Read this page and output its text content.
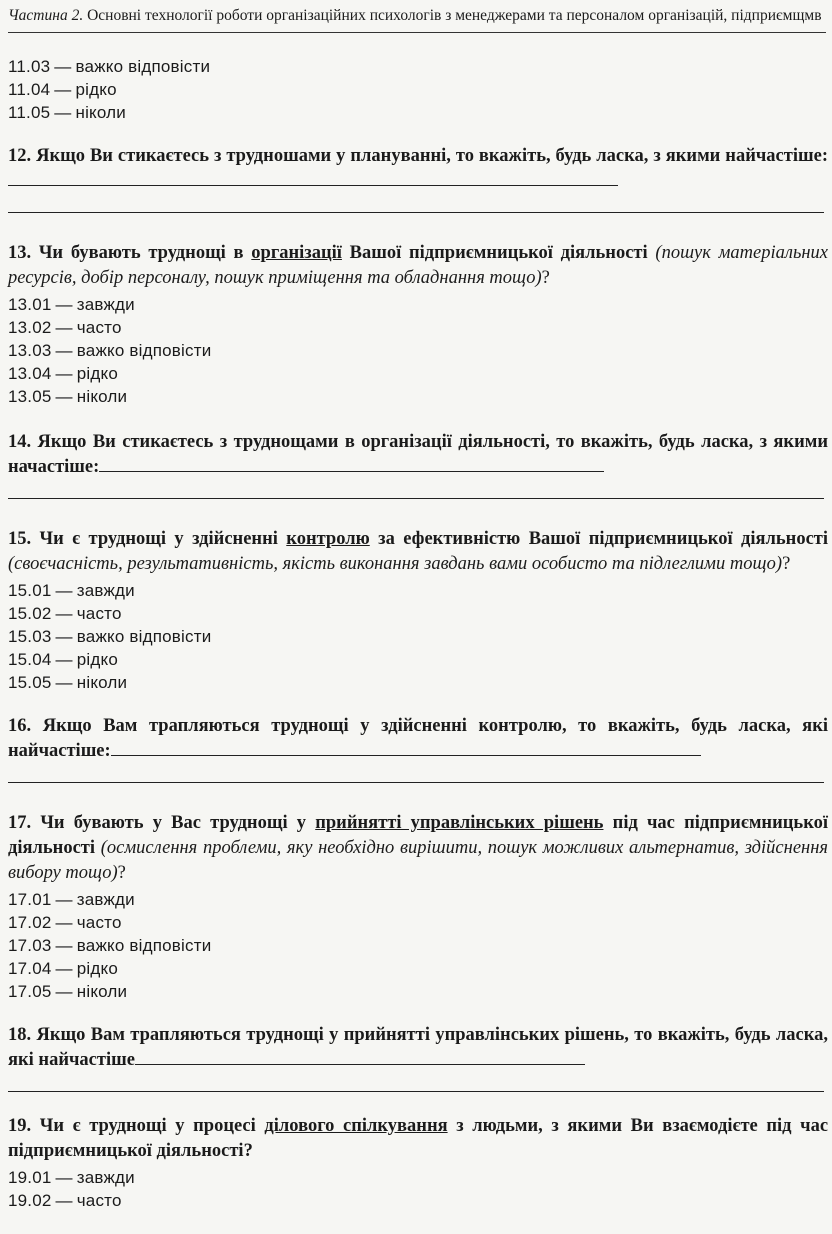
Частина 2. Основні технології роботи організаційних психологів з менеджерами та персоналом організацій, підприємщмв
11.03 — важко відповісти
11.04 — рідко
11.05 — ніколи
12. Якщо Ви стикаєтесь з трудношами у плануванні, то вкажіть, будь ласка, з якими найчастіше:
13. Чи бувають труднощі в організації Вашої підприємницької діяльності (пошук матеріальних ресурсів, добір персоналу, пошук приміщення та обладнання тощо)?
13.01 — завжди
13.02 — часто
13.03 — важко відповісти
13.04 — рідко
13.05 — ніколи
14. Якщо Ви стикаєтесь з труднощами в організації діяльності, то вкажіть, будь ласка, з якими начастіше:
15. Чи є труднощі у здійсненні контролю за ефективністю Вашої підприємницької діяльності (своєчасність, результативність, якість виконання завдань вами особисто та підлеглими тощо)?
15.01 — завжди
15.02 — часто
15.03 — важко відповісти
15.04 — рідко
15.05 — ніколи
16. Якщо Вам трапляються труднощі у здійсненні контролю, то вкажіть, будь ласка, які найчастіше:
17. Чи бувають у Вас труднощі у прийнятті управлінських рішень під час підприємницької діяльності (осмислення проблеми, яку необхідно вирішити, пошук можливих альтернатив, здійснення вибору тощо)?
17.01 — завжди
17.02 — часто
17.03 — важко відповісти
17.04 — рідко
17.05 — ніколи
18. Якщо Вам трапляються труднощі у прийнятті управлінських рішень, то вкажіть, будь ласка, які найчастіше
19. Чи є труднощі у процесі ділового спілкування з людьми, з якими Ви взаємодієте під час підприємницької діяльності?
19.01 — завжди
19.02 — часто
